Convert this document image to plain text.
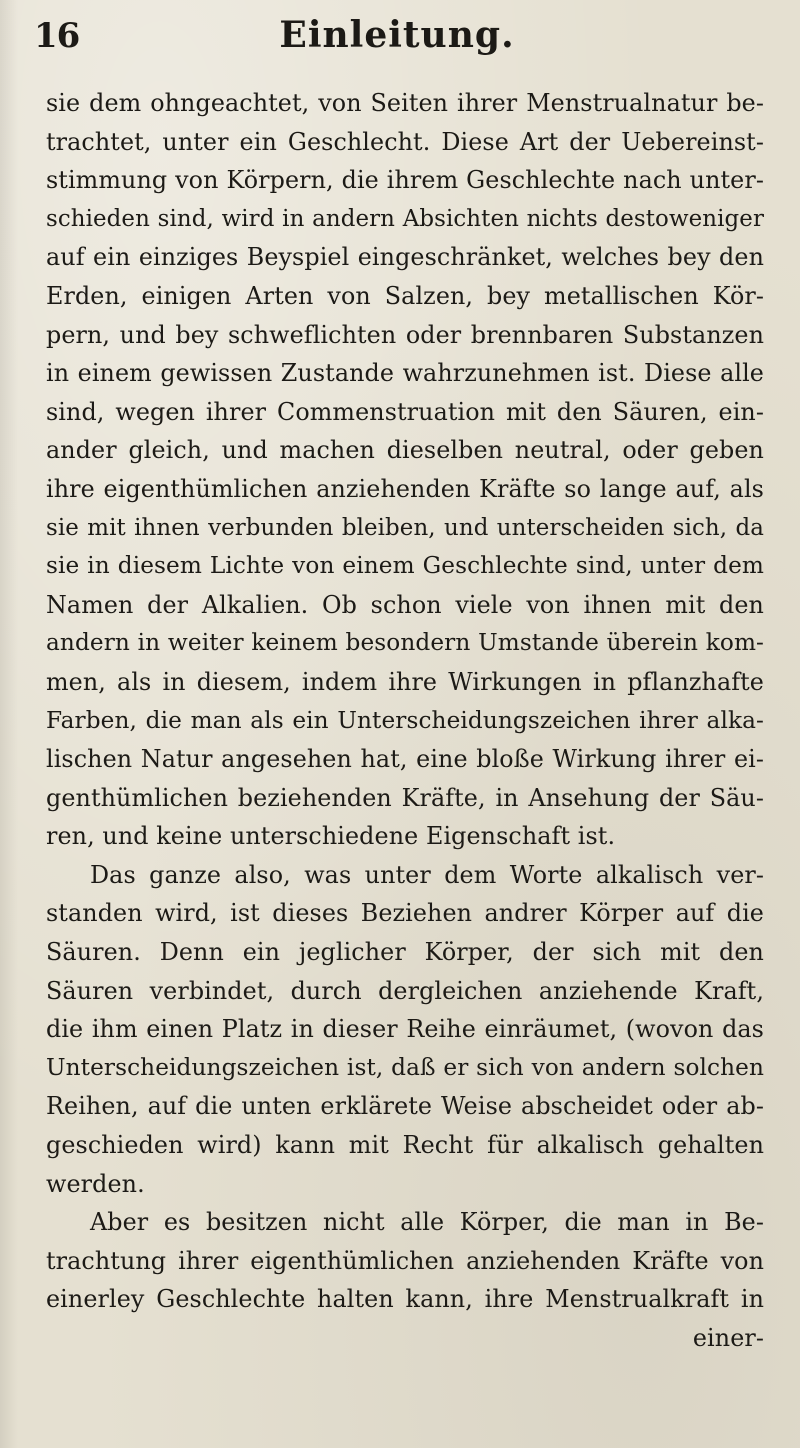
16	Einleitung.
sie dem ohngeachtet, von Seiten ihrer Menstrualnatur be-
trachtet, unter ein Geschlecht. Diese Art der Uebereinst-
stimmung von Körpern, die ihrem Geschlechte nach unter-
schieden sind, wird in andern Absichten nichts destoweniger
auf ein einziges Beyspiel eingeschränket, welches bey den
Erden, einigen Arten von Salzen, bey metallischen Kör-
pern, und bey schweflichten oder brennbaren Substanzen
in einem gewissen Zustande wahrzunehmen ist. Diese alle
sind, wegen ihrer Commenstruation mit den Säuren, ein-
ander gleich, und machen dieselben neutral, oder geben
ihre eigenthümlichen anziehenden Kräfte so lange auf, als
sie mit ihnen verbunden bleiben, und unterscheiden sich, da
sie in diesem Lichte von einem Geschlechte sind, unter dem
Namen der Alkalien. Ob schon viele von ihnen mit den
andern in weiter keinem besondern Umstande überein kom-
men, als in diesem, indem ihre Wirkungen in pflanzhafte
Farben, die man als ein Unterscheidungszeichen ihrer alka-
lischen Natur angesehen hat, eine bloße Wirkung ihrer ei-
genthümlichen beziehenden Kräfte, in Ansehung der Säu-
ren, und keine unterschiedene Eigenschaft ist.
Das ganze also, was unter dem Worte alkalisch ver-
standen wird, ist dieses Beziehen andrer Körper auf die
Säuren. Denn ein jeglicher Körper, der sich mit den
Säuren verbindet, durch dergleichen anziehende Kraft,
die ihm einen Platz in dieser Reihe einräumet, (wovon das
Unterscheidungszeichen ist, daß er sich von andern solchen
Reihen, auf die unten erklärete Weise abscheidet oder ab-
geschieden wird) kann mit Recht für alkalisch gehalten
werden.
Aber es besitzen nicht alle Körper, die man in Be-
trachtung ihrer eigenthümlichen anziehenden Kräfte von
einerley Geschlechte halten kann, ihre Menstrualkraft in
einer-
